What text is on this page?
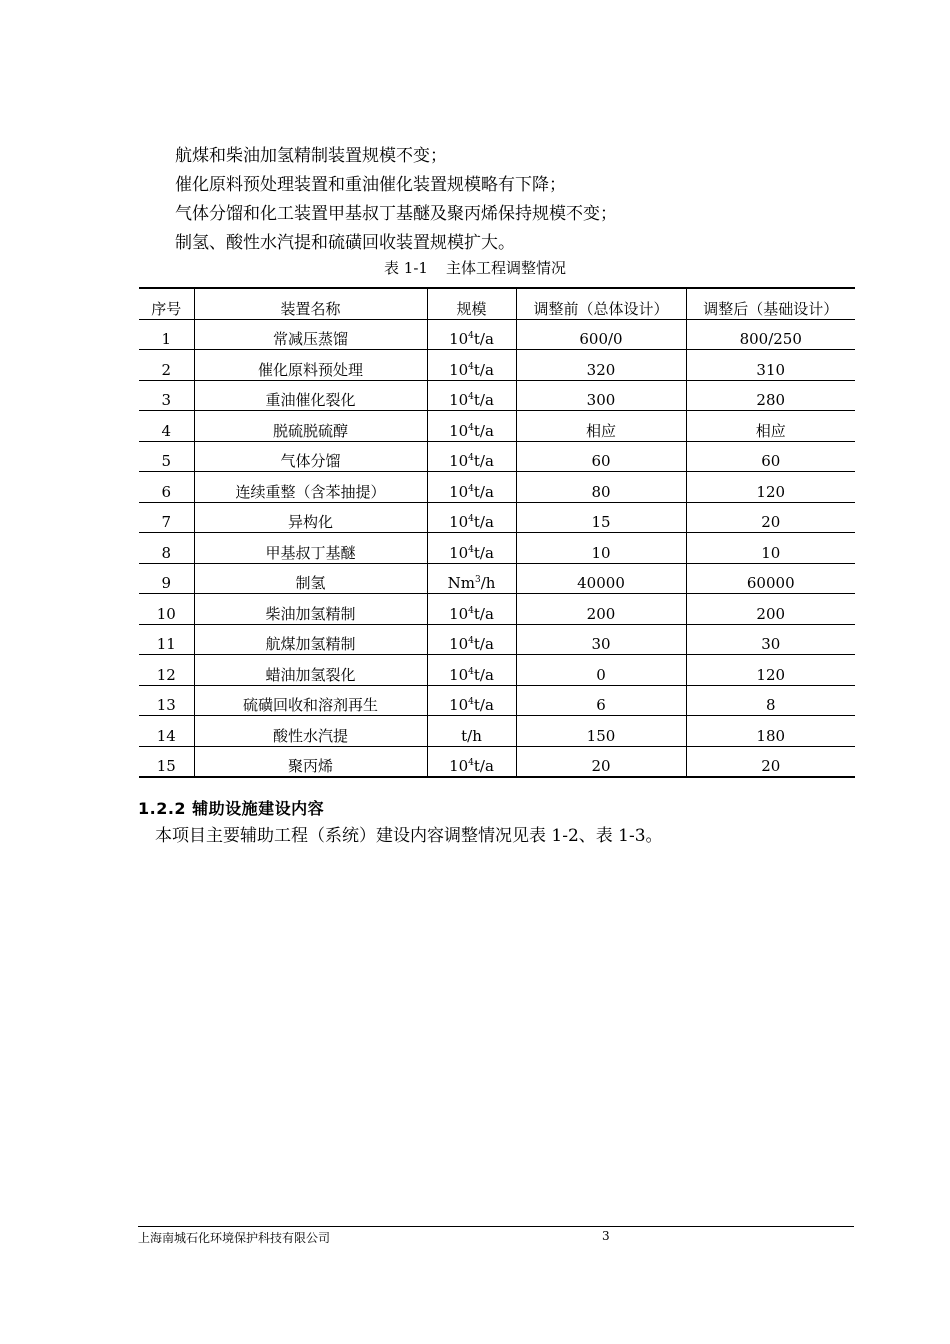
航煤和柴油加氢精制装置规模不变；
催化原料预处理装置和重油催化装置规模略有下降；
气体分馏和化工装置甲基叔丁基醚及聚丙烯保持规模不变；
制氢、酸性水汽提和硫磺回收装置规模扩大。
表 1-1 主体工程调整情况
序号	装置名称	规模	调整前（总体设计）	调整后（基础设计）
1	常减压蒸馏	$10^4t/a$	600/0	800/250
2	催化原料预处理	$10^4t/a$	320	310
3	重油催化裂化	$10^4t/a$	300	280
4	脱硫脱硫醇	$10^4t/a$	相应	相应
5	气体分馏	$10^4t/a$	60	60
6	连续重整（含苯抽提）	$10^4t/a$	80	120
7	异构化	$10^4t/a$	15	20
8	甲基叔丁基醚	$10^4t/a$	10	10
9	制氢	Nm$^3$/h	40000	60000
10	柴油加氢精制	$10^4t/a$	200	200
11	航煤加氢精制	$10^4t/a$	30	30
12	蜡油加氢裂化	$10^4t/a$	0	120
13	硫磺回收和溶剂再生	$10^4t/a$	6	8
14	酸性水汽提	t/h	150	180
15	聚丙烯	$10^4t/a$	20	20
1.2.2 辅助设施建设内容
本项目主要辅助工程（系统）建设内容调整情况见表 1-2、表 1-3。
上海南城石化环境保护科技有限公司	3
